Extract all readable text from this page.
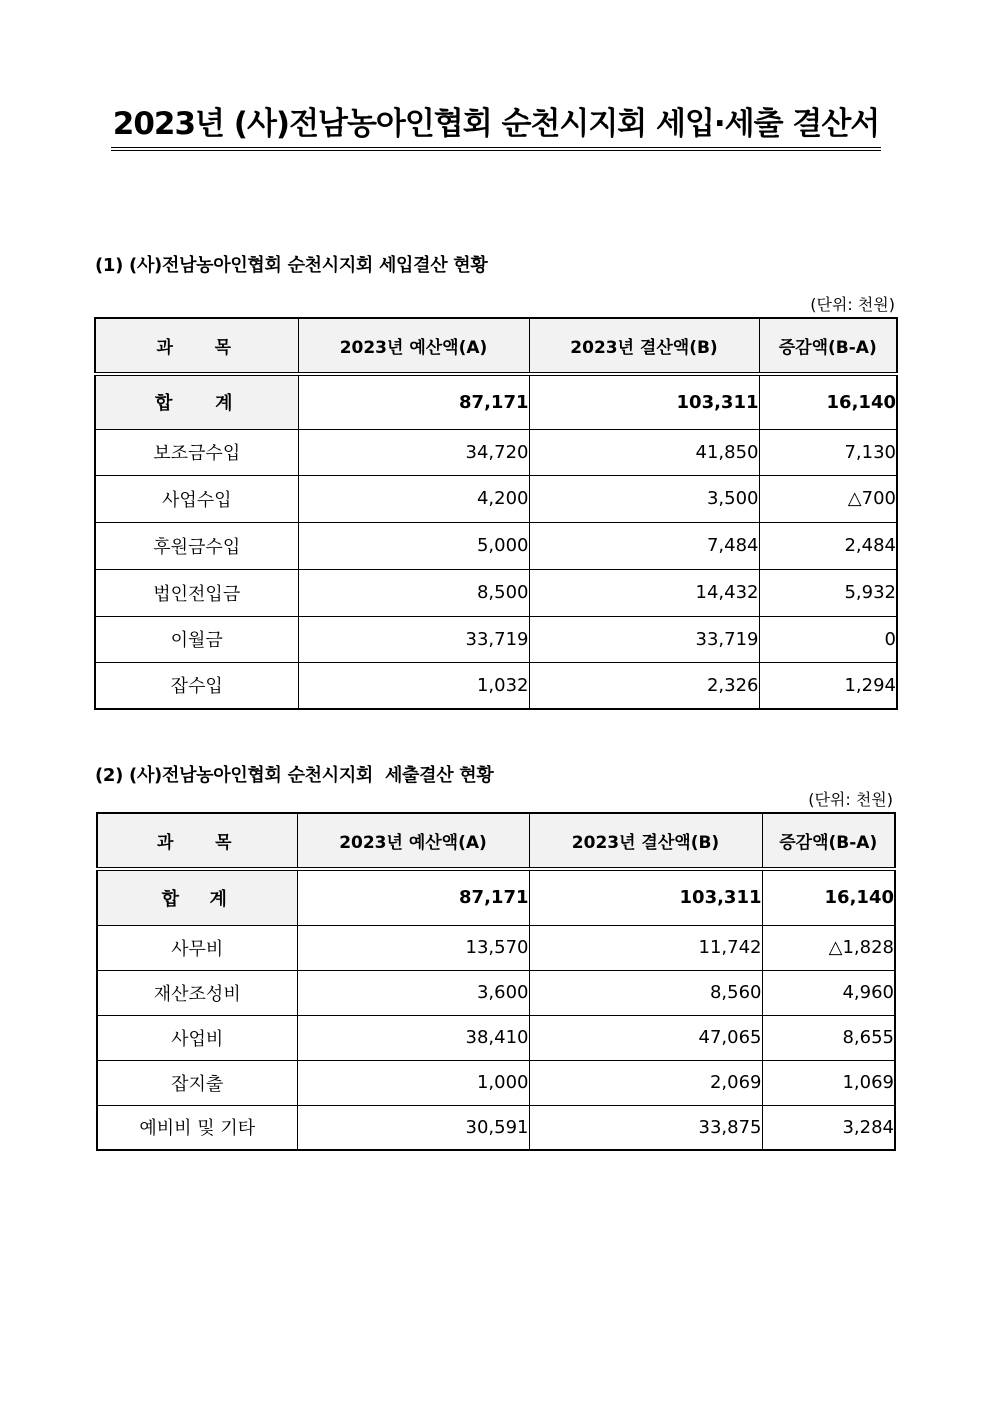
2023년 (사)전남농아인협회 순천시지회 세입·세출 결산서
(1) (사)전남농아인협회 순천시지회 세입결산 현황
(단위: 천원)
과   목	2023년 예산액(A)	2023년 결산액(B)	증감액(B-A)
합   계	87,171	103,311	16,140
보조금수입	34,720	41,850	7,130
사업수입	4,200	3,500	△700
후원금수입	5,000	7,484	2,484
법인전입금	8,500	14,432	5,932
이월금	33,719	33,719	0
잡수입	1,032	2,326	1,294
(2) (사)전남농아인협회 순천시지회  세출결산 현황
(단위: 천원)
과   목	2023년 예산액(A)	2023년 결산액(B)	증감액(B-A)
합  계	87,171	103,311	16,140
사무비	13,570	11,742	△1,828
재산조성비	3,600	8,560	4,960
사업비	38,410	47,065	8,655
잡지출	1,000	2,069	1,069
예비비 및 기타	30,591	33,875	3,284
